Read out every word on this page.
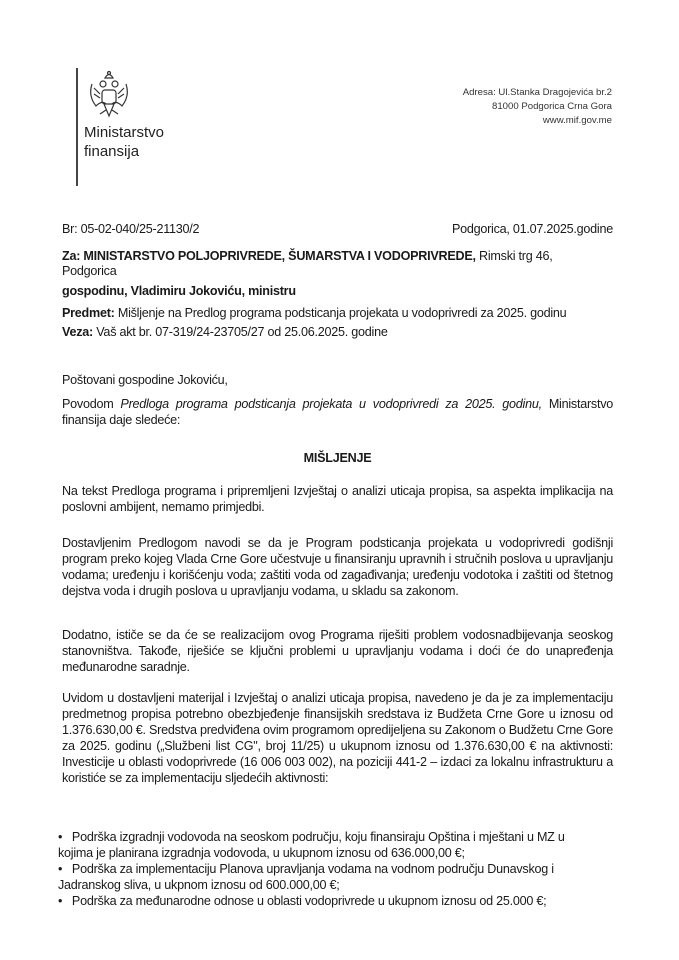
Ministarstvo
finansija
Adresa: Ul.Stanka Dragojevića br.2
81000 Podgorica Crna Gora
www.mif.gov.me
Br: 05-02-040/25-21130/2	Podgorica, 01.07.2025.godine
Za: MINISTARSTVO POLJOPRIVREDE, ŠUMARSTVA I VODOPRIVREDE, Rimski trg 46,
Podgorica
gospodinu, Vladimiru Jokoviću, ministru
Predmet: Mišljenje na Predlog programa podsticanja projekata u vodoprivredi za 2025. godinu
Veza: Vaš akt br. 07-319/24-23705/27 od 25.06.2025. godine
Poštovani gospodine Jokoviću,
Povodom Predloga programa podsticanja projekata u vodoprivredi za 2025. godinu, Ministarstvo finansija daje sledeće:
MIŠLJENJE
Na tekst Predloga programa i pripremljeni Izvještaj o analizi uticaja propisa, sa aspekta implikacija na poslovni ambijent, nemamo primjedbi.
Dostavljenim Predlogom navodi se da je Program podsticanja projekata u vodoprivredi godišnji program preko kojeg Vlada Crne Gore učestvuje u finansiranju upravnih i stručnih poslova u upravljanju vodama; uređenju i korišćenju voda; zaštiti voda od zagađivanja; uređenju vodotoka i zaštiti od štetnog dejstva voda i drugih poslova u upravljanju vodama, u skladu sa zakonom.
Dodatno, ističe se da će se realizacijom ovog Programa riješiti problem vodosnadbijevanja seoskog stanovništva. Takođe, riješiće se ključni problemi u upravljanju vodama i doći će do unapređenja međunarodne saradnje.
Uvidom u dostavljeni materijal i Izvještaj o analizi uticaja propisa, navedeno je da je za implementaciju predmetnog propisa potrebno obezbjeđenje finansijskih sredstava iz Budžeta Crne Gore u iznosu od 1.376.630,00 €. Sredstva predviđena ovim programom opredijeljena su Zakonom o Budžetu Crne Gore za 2025. godinu („Službeni list CG", broj 11/25) u ukupnom iznosu od 1.376.630,00 € na aktivnosti: Investicije u oblasti vodoprivrede (16 006 003 002), na poziciji 441-2 – izdaci za lokalnu infrastrukturu a koristiće se za implementaciju sljedećih aktivnosti:
• Podrška izgradnji vodovoda na seoskom području, koju finansiraju Opština i mještani u MZ u kojima je planirana izgradnja vodovoda, u ukupnom iznosu od 636.000,00 €;
• Podrška za implementaciju Planova upravljanja vodama na vodnom području Dunavskog i Jadranskog sliva, u ukpnom iznosu od 600.000,00 €;
• Podrška za međunarodne odnose u oblasti vodoprivrede u ukupnom iznosu od 25.000 €;
